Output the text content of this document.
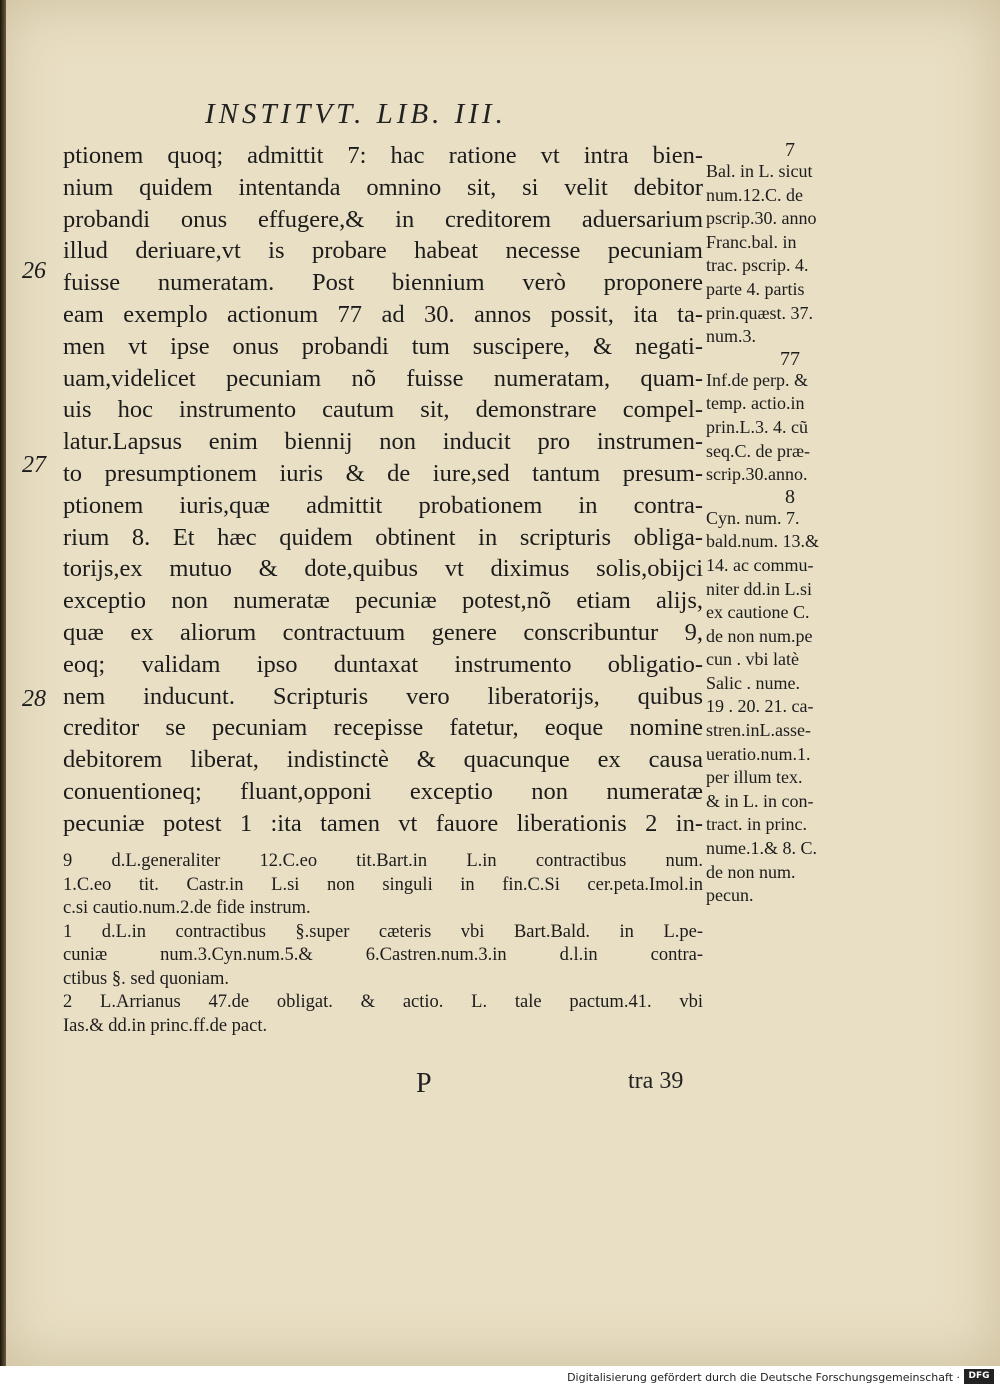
INSTITVT. LIB. III.
ptionem quoq; admittit 7: hac ratione vt intra bien-
nium quidem intentanda omnino sit, si velit debitor
probandi onus effugere,& in creditorem aduersarium
illud deriuare,vt is probare habeat necesse pecuniam
fuisse numeratam. Post biennium verò proponere
eam exemplo actionum 77 ad 30. annos possit, ita ta-
men vt ipse onus probandi tum suscipere, & negati-
uam,videlicet pecuniam nõ fuisse numeratam, quam-
uis hoc instrumento cautum sit, demonstrare compel-
latur.Lapsus enim biennij non inducit pro instrumen-
to presumptionem iuris & de iure,sed tantum presum-
ptionem iuris,quæ admittit probationem in contra-
rium 8. Et hæc quidem obtinent in scripturis obliga-
torijs,ex mutuo & dote,quibus vt diximus solis,obijci
exceptio non numeratæ pecuniæ potest,nõ etiam alijs,
quæ ex aliorum contractuum genere conscribuntur 9,
eoq; validam ipso duntaxat instrumento obligatio-
nem inducunt. Scripturis vero liberatorijs, quibus
creditor se pecuniam recepisse fatetur, eoque nomine
debitorem liberat, indistinctè & quacunque ex causa
conuentioneq; fluant,opponi exceptio non numeratæ
pecuniæ potest 1 :ita tamen vt fauore liberationis 2 in-
26
27
28
9 d.L.generaliter 12.C.eo tit.Bart.in L.in contractibus num.
1.C.eo tit. Castr.in L.si non singuli in fin.C.Si cer.peta.Imol.in
c.si cautio.num.2.de fide instrum.
1 d.L.in contractibus §.super cæteris vbi Bart.Bald. in L.pe-
cuniæ num.3.Cyn.num.5.& 6.Castren.num.3.in d.l.in contra-
ctibus §. sed quoniam.
2 L.Arrianus 47.de obligat. & actio. L. tale pactum.41. vbi
Ias.& dd.in princ.ff.de pact.
7
Bal. in L. sicut
num.12.C. de
pscrip.30. anno
Franc.bal. in
trac. pscrip. 4.
parte 4. partis
prin.quæst. 37.
num.3.
77
Inf.de perp. &
temp. actio.in
prin.L.3. 4. cũ
seq.C. de præ-
scrip.30.anno.
8
Cyn. num. 7.
bald.num. 13.&
14. ac commu-
niter dd.in L.si
ex cautione C.
de non num.pe
cun . vbi latè
Salic . nume.
19 . 20. 21. ca-
stren.inL.asse-
ueratio.num.1.
per illum tex.
& in L. in con-
tract. in princ.
nume.1.& 8. C.
de non num.
pecun.
P	tra 39
Digitalisierung gefördert durch die Deutsche Forschungsgemeinschaft · DFG
